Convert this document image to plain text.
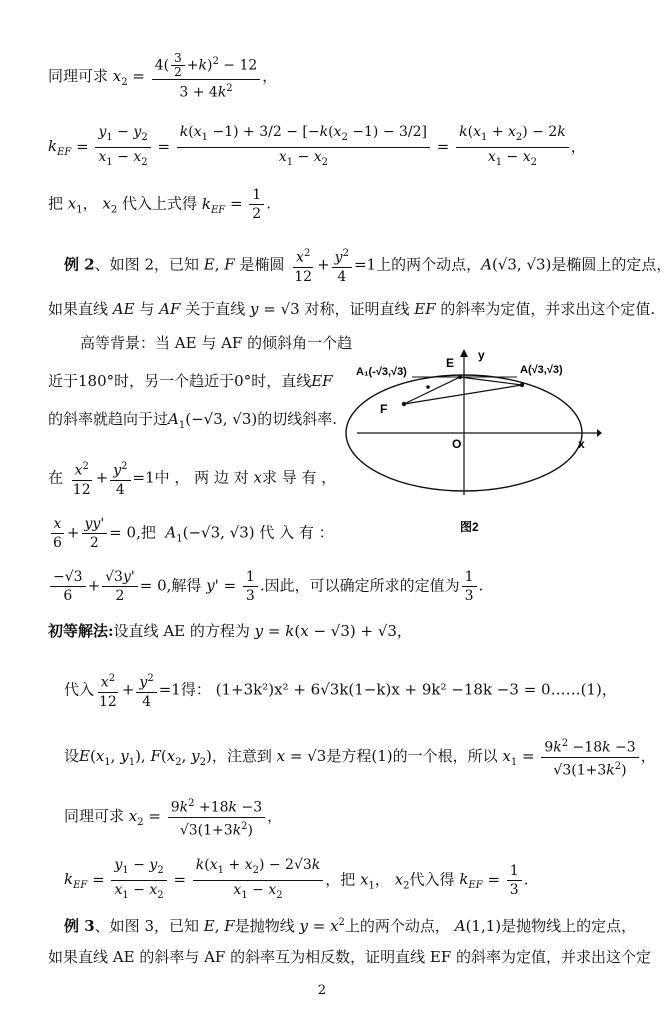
同理可求 $x_2 = \frac{4( \frac{3}{2} +k)^2 - 12}{3 + 4k^2}$ ，
$k_{EF} = \frac{y_1 - y_2}{x_1 - x_2} = \frac{k(x_1 -1) + 3/2 - [-k(x_2 -1) - 3/2]}{x_1 - x_2} = \frac{k(x_1 + x_2) - 2k}{x_1 - x_2}$ ，
把 $x_1$， $x_2$ 代入上式得 $k_{EF} = \frac{1}{2}$ .
例 2、如图 2，已知 E, F 是椭圆 $\frac{x^2}{12} + \frac{y^2}{4} =1$上的两个动点，A(√3, √3)是椭圆上的定点，
如果直线 AE 与 AF 关于直线 y = √3 对称，证明直线 EF 的斜率为定值，并求出这个定值.
高等背景：当 AE 与 AF 的倾斜角一个趋
近于180°时，另一个趋近于0°时，直线EF
的斜率就趋向于过$A_1(-√3$, √3)的切线斜率.
在 $\frac{x^2}{12} + \frac{y^2}{4} =1$中 ， 两 边 对 x求 导 有 ，
$\frac{x}{6} + \frac{yy'}{2} = 0$,把 $A_1(-√3$, √3) 代 入 有 ：
$\frac{-√3}{6} + \frac{√3y'}{2} = 0$,解得 $y' = \frac{1}{3}$ .因此，可以确定所求的定值为 $\frac{1}{3}$ .
A₁(-√3,√3)	A(√3,√3)
E
F
O	x
y
图2
初等解法:设直线 AE 的方程为 y = k(x − √3) + √3，
代入 $\frac{x^2}{12} + \frac{y^2}{4} =1$得： (1+3k²)x² + 6√3k(1−k)x + 9k² −18k −3 = 0……(1)，
设$E(x_1$, $y_1$), $F(x_2$, $y_2$)，注意到 x = √3是方程(1)的一个根，所以 $x_1 = \frac{9k^2 -18k -3}{√3(1+3k^2)}$ ，
同理可求 $x_2 = \frac{9k^2 +18k -3}{√3(1+3k^2)}$ ，
$k_{EF} = \frac{y_1 - y_2}{x_1 - x_2} = \frac{k(x_1 + x_2) - 2√3k}{x_1 - x_2}$ ，把 $x_1$， $x_2$代入得 $k_{EF} = \frac{1}{3}$ .
例 3、如图 3，已知 E, F是抛物线 $y = x^2$上的两个动点， A(1,1)是抛物线上的定点，
如果直线 AE 的斜率与 AF 的斜率互为相反数，证明直线 EF 的斜率为定值，并求出这个定
2
